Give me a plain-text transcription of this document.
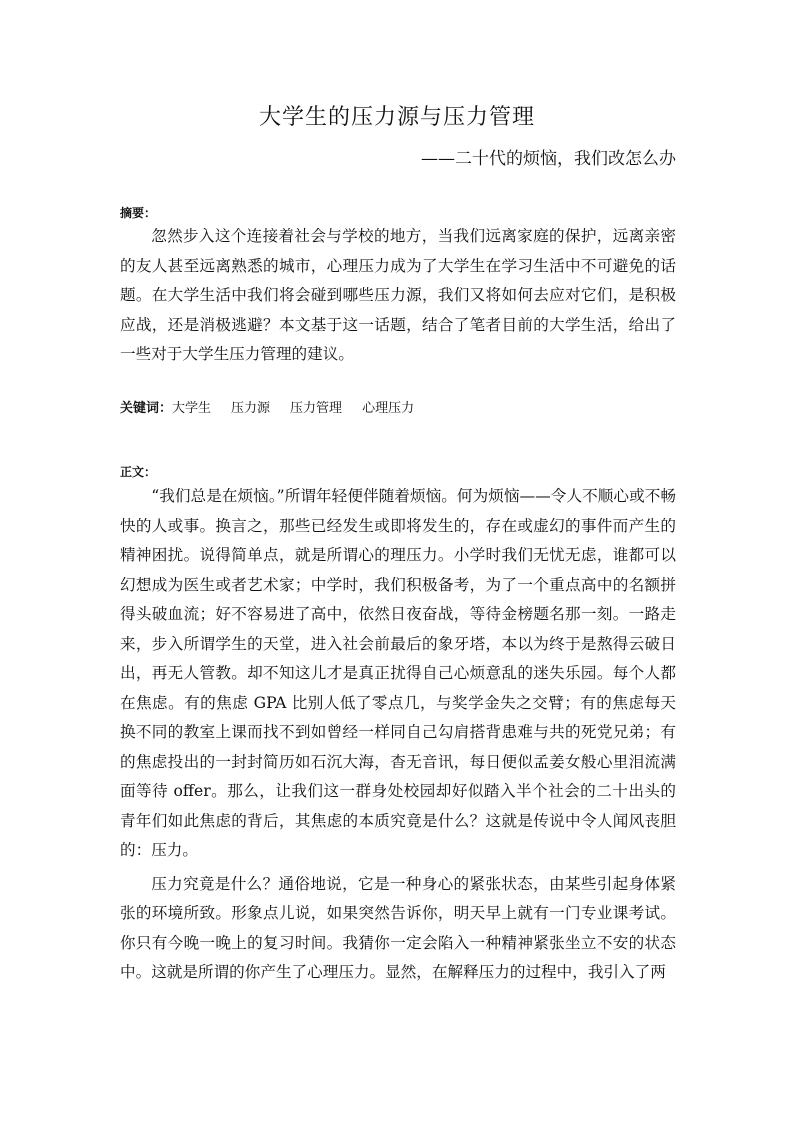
大学生的压力源与压力管理
——二十代的烦恼，我们改怎么办
摘要：

忽然步入这个连接着社会与学校的地方，当我们远离家庭的保护，远离亲密的友人甚至远离熟悉的城市，心理压力成为了大学生在学习生活中不可避免的话题。在大学生活中我们将会碰到哪些压力源，我们又将如何去应对它们，是积极应战，还是消极逃避？本文基于这一话题，结合了笔者目前的大学生活，给出了一些对于大学生压力管理的建议。

关键词：大学生 压力源 压力管理 心理压力
正文：

“我们总是在烦恼。”所谓年轻便伴随着烦恼。何为烦恼——令人不顺心或不畅快的人或事。换言之，那些已经发生或即将发生的，存在或虚幻的事件而产生的精神困扰。说得简单点，就是所谓心的理压力。小学时我们无忧无虑，谁都可以幻想成为医生或者艺术家；中学时，我们积极备考，为了一个重点高中的名额拼得头破血流；好不容易进了高中，依然日夜奋战，等待金榜题名那一刻。一路走来，步入所谓学生的天堂，进入社会前最后的象牙塔，本以为终于是熬得云破日出，再无人管教。却不知这儿才是真正扰得自己心烦意乱的迷失乐园。每个人都在焦虑。有的焦虑 GPA 比别人低了零点几，与奖学金失之交臂；有的焦虑每天换不同的教室上课而找不到如曾经一样同自己勾肩搭背患难与共的死党兄弟；有的焦虑投出的一封封简历如石沉大海，杳无音讯，每日便似孟姜女般心里泪流满面等待 offer。那么，让我们这一群身处校园却好似踏入半个社会的二十出头的青年们如此焦虑的背后，其焦虑的本质究竟是什么？这就是传说中令人闻风丧胆的：压力。

压力究竟是什么？通俗地说，它是一种身心的紧张状态，由某些引起身体紧张的环境所致。形象点儿说，如果突然告诉你，明天早上就有一门专业课考试。你只有今晚一晚上的复习时间。我猜你一定会陷入一种精神紧张坐立不安的状态中。这就是所谓的你产生了心理压力。显然，在解释压力的过程中，我引入了两
